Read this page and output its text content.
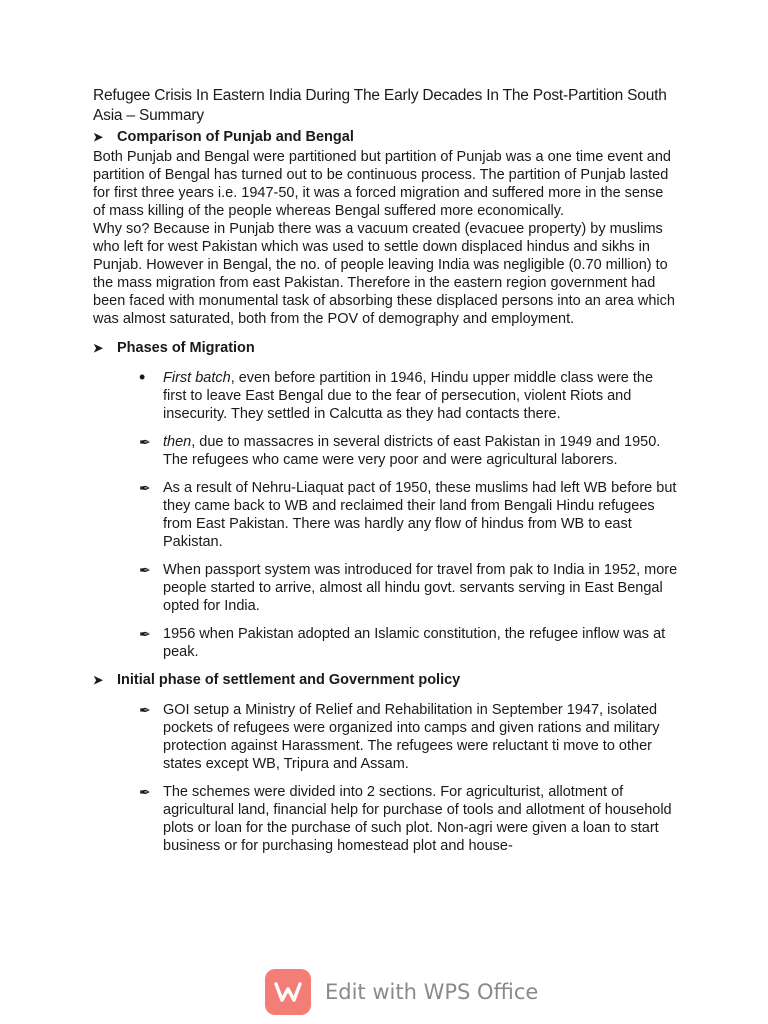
Refugee Crisis In Eastern India During The Early Decades In The Post-Partition South Asia – Summary
➤ Comparison of Punjab and Bengal

Both Punjab and Bengal were partitioned but partition of Punjab was a one time event and partition of Bengal has turned out to be continuous process. The partition of Punjab lasted for first three years i.e. 1947-50, it was a forced migration and suffered more in the sense of mass killing of the people whereas Bengal suffered more economically.

Why so? Because in Punjab there was a vacuum created (evacuee property) by muslims who left for west Pakistan which was used to settle down displaced hindus and sikhs in Punjab. However in Bengal, the no. of people leaving India was negligible (0.70 million) to the mass migration from east Pakistan. Therefore in the eastern region government had been faced with monumental task of absorbing these displaced persons into an area which was almost saturated, both from the POV of demography and employment.

➤ Phases of Migration
• First batch, even before partition in 1946, Hindu upper middle class were the first to leave East Bengal due to the fear of persecution, violent Riots and insecurity. They settled in Calcutta as they had contacts there.
✒ then, due to massacres in several districts of east Pakistan in 1949 and 1950. The refugees who came were very poor and were agricultural laborers.
✒ As a result of Nehru-Liaquat pact of 1950, these muslims had left WB before but they came back to WB and reclaimed their land from Bengali Hindu refugees from East Pakistan. There was hardly any flow of hindus from WB to east Pakistan.
✒ When passport system was introduced for travel from pak to India in 1952, more people started to arrive, almost all hindu govt. servants serving in East Bengal opted for India.
✒ 1956 when Pakistan adopted an Islamic constitution, the refugee inflow was at peak.
➤ Initial phase of settlement and Government policy
✒ GOI setup a Ministry of Relief and Rehabilitation in September 1947, isolated pockets of refugees were organized into camps and given rations and military protection against Harassment. The refugees were reluctant ti move to other states except WB, Tripura and Assam.
✒ The schemes were divided into 2 sections. For agriculturist, allotment of agricultural land, financial help for purchase of tools and allotment of household plots or loan for the purchase of such plot. Non-agri were given a loan to start business or for purchasing homestead plot and house-
Edit with WPS Office
